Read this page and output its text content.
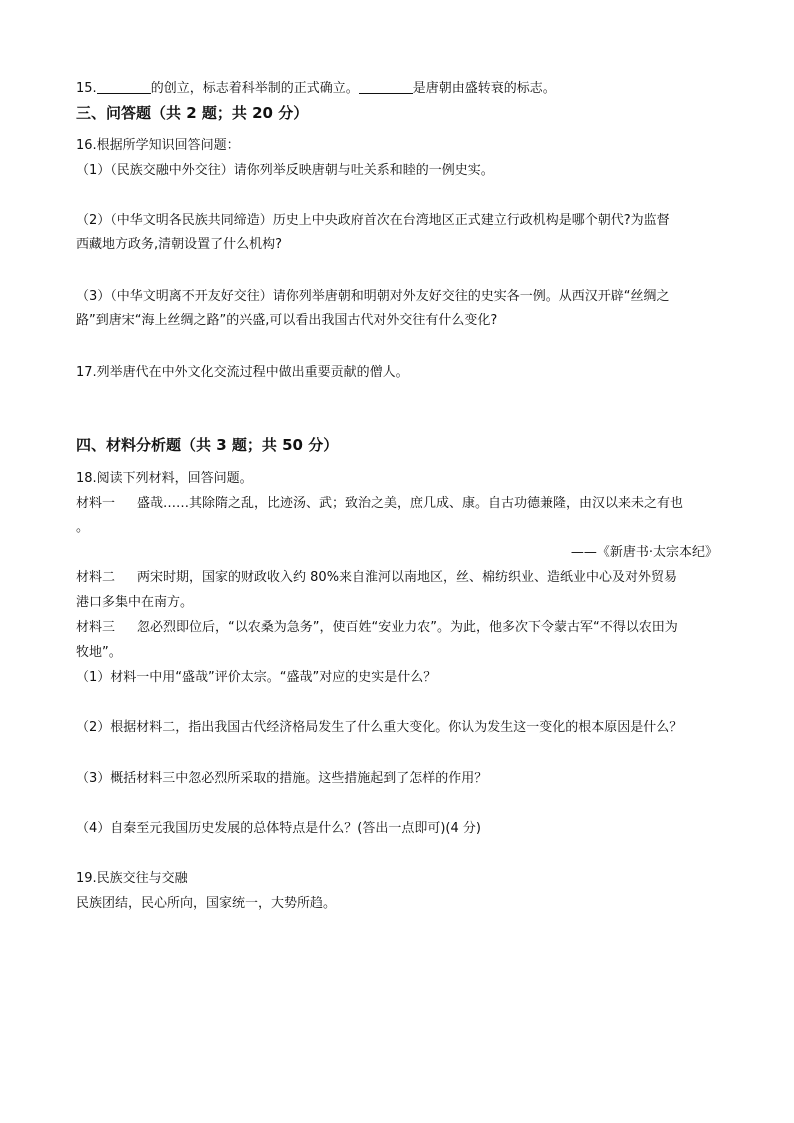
15.	的创立，标志着科举制的正式确立。	是唐朝由盛转衰的标志。
三、问答题（共 2 题；共 20 分）
16.根据所学知识回答问题：
（1）（民族交融中外交往）请你列举反映唐朝与吐关系和睦的一例史实。
（2）（中华文明各民族共同缔造）历史上中央政府首次在台湾地区正式建立行政机构是哪个朝代?为监督
西藏地方政务,清朝设置了什么机构?
（3）（中华文明离不开友好交往）请你列举唐朝和明朝对外友好交往的史实各一例。从西汉开辟“丝绸之
路”到唐宋“海上丝绸之路”的兴盛,可以看出我国古代对外交往有什么变化?
17.列举唐代在中外文化交流过程中做出重要贡献的僧人。
四、材料分析题（共 3 题；共 50 分）
18.阅读下列材料，回答问题。
材料一 盛哉……其除隋之乱，比迹汤、武；致治之美，庶几成、康。自古功德兼隆，由汉以来未之有也
。
——《新唐书·太宗本纪》
材料二 两宋时期，国家的财政收入约 80%来自淮河以南地区，丝、棉纺织业、造纸业中心及对外贸易
港口多集中在南方。
材料三 忽必烈即位后，“以农桑为急务”，使百姓“安业力农”。为此，他多次下令蒙古军“不得以农田为
牧地”。
（1）材料一中用“盛哉”评价太宗。“盛哉”对应的史实是什么？
（2）根据材料二，指出我国古代经济格局发生了什么重大变化。你认为发生这一变化的根本原因是什么？
（3）概括材料三中忽必烈所采取的措施。这些措施起到了怎样的作用？
（4）自秦至元我国历史发展的总体特点是什么？(答出一点即可)(4 分)
19.民族交往与交融
民族团结，民心所向，国家统一，大势所趋。
